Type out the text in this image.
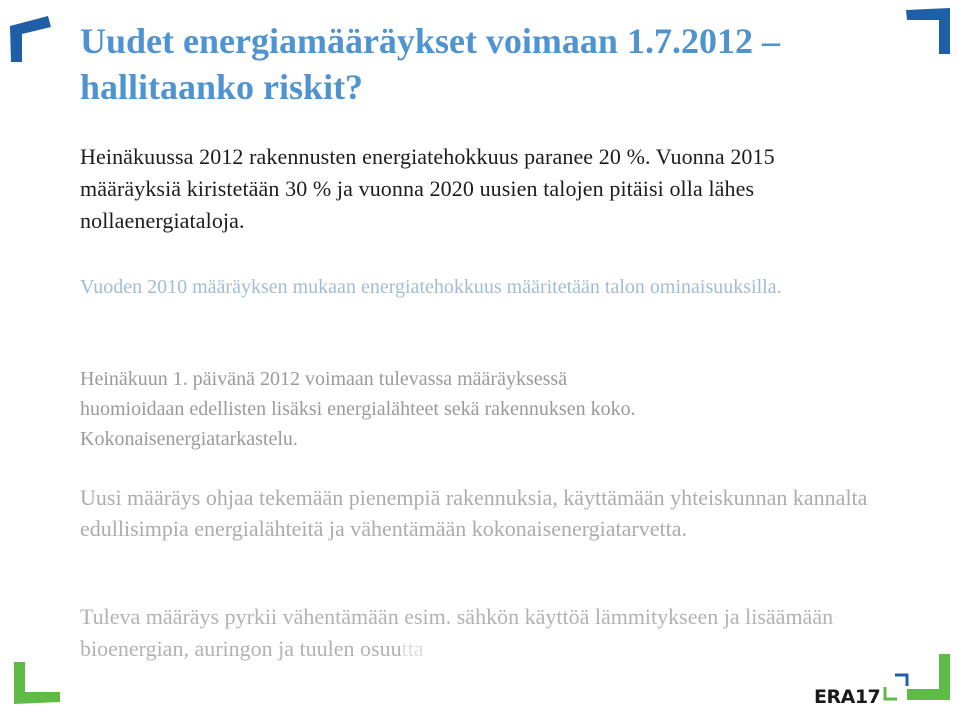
Uudet energiamääräykset voimaan 1.7.2012 –
hallitaanko riskit?

Heinäkuussa 2012 rakennusten energiatehokkuus paranee 20 %. Vuonna 2015 määräyksiä kiristetään 30 % ja vuonna 2020 uusien talojen pitäisi olla lähes nollaenergiataloja.

Vuoden 2010 määräyksen mukaan energiatehokkuus määritetään talon ominaisuuksilla.

Heinäkuun 1. päivänä 2012 voimaan tulevassa määräyksessä
huomioidaan edellisten lisäksi energialähteet sekä rakennuksen koko.
Kokonaisenergiatarkastelu.

Uusi määräys ohjaa tekemään pienempiä rakennuksia, käyttämään yhteiskunnan kannalta edullisimpia energialähteitä ja vähentämään kokonaisenergiatarvetta.

Tuleva määräys pyrkii vähentämään esim. sähkön käyttöä lämmitykseen ja lisäämään bioenergian, auringon ja tuulen osuutta

ERA17
